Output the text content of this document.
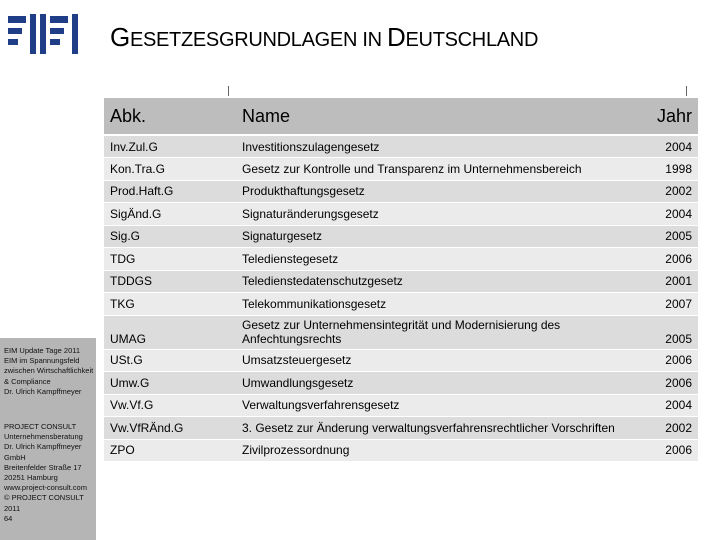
GESETZESGRUNDLAGEN IN DEUTSCHLAND

EIM Update Tage 2011

EIM im Spannungsfeld zwischen Wirtschaftlichkeit & Compliance

Dr. Ulrich Kampffmeyer

PROJECT CONSULT Unternehmensberatung

Dr. Ulrich Kampffmeyer GmbH

Breitenfelder Straße 17

20251 Hamburg

www.project-consult.com

© PROJECT CONSULT 2011

64

Abk.	Name	Jahr
Inv.Zul.G	Investitionszulagengesetz	2004
Kon.Tra.G	Gesetz zur Kontrolle und Transparenz im Unternehmensbereich	1998
Prod.Haft.G	Produkthaftungsgesetz	2002
SigÄnd.G	Signaturänderungsgesetz	2004
Sig.G	Signaturgesetz	2005
TDG	Teledienstegesetz	2006
TDDGS	Teledienstedatenschutzgesetz	2001
TKG	Telekommunikationsgesetz	2007
UMAG	Gesetz zur Unternehmensintegrität und Modernisierung des Anfechtungsrechts	2005
USt.G	Umsatzsteuergesetz	2006
Umw.G	Umwandlungsgesetz	2006
Vw.Vf.G	Verwaltungsverfahrensgesetz	2004
Vw.VfRÄnd.G	3. Gesetz zur Änderung verwaltungsverfahrensrechtlicher Vorschriften	2002
ZPO	Zivilprozessordnung	2006
